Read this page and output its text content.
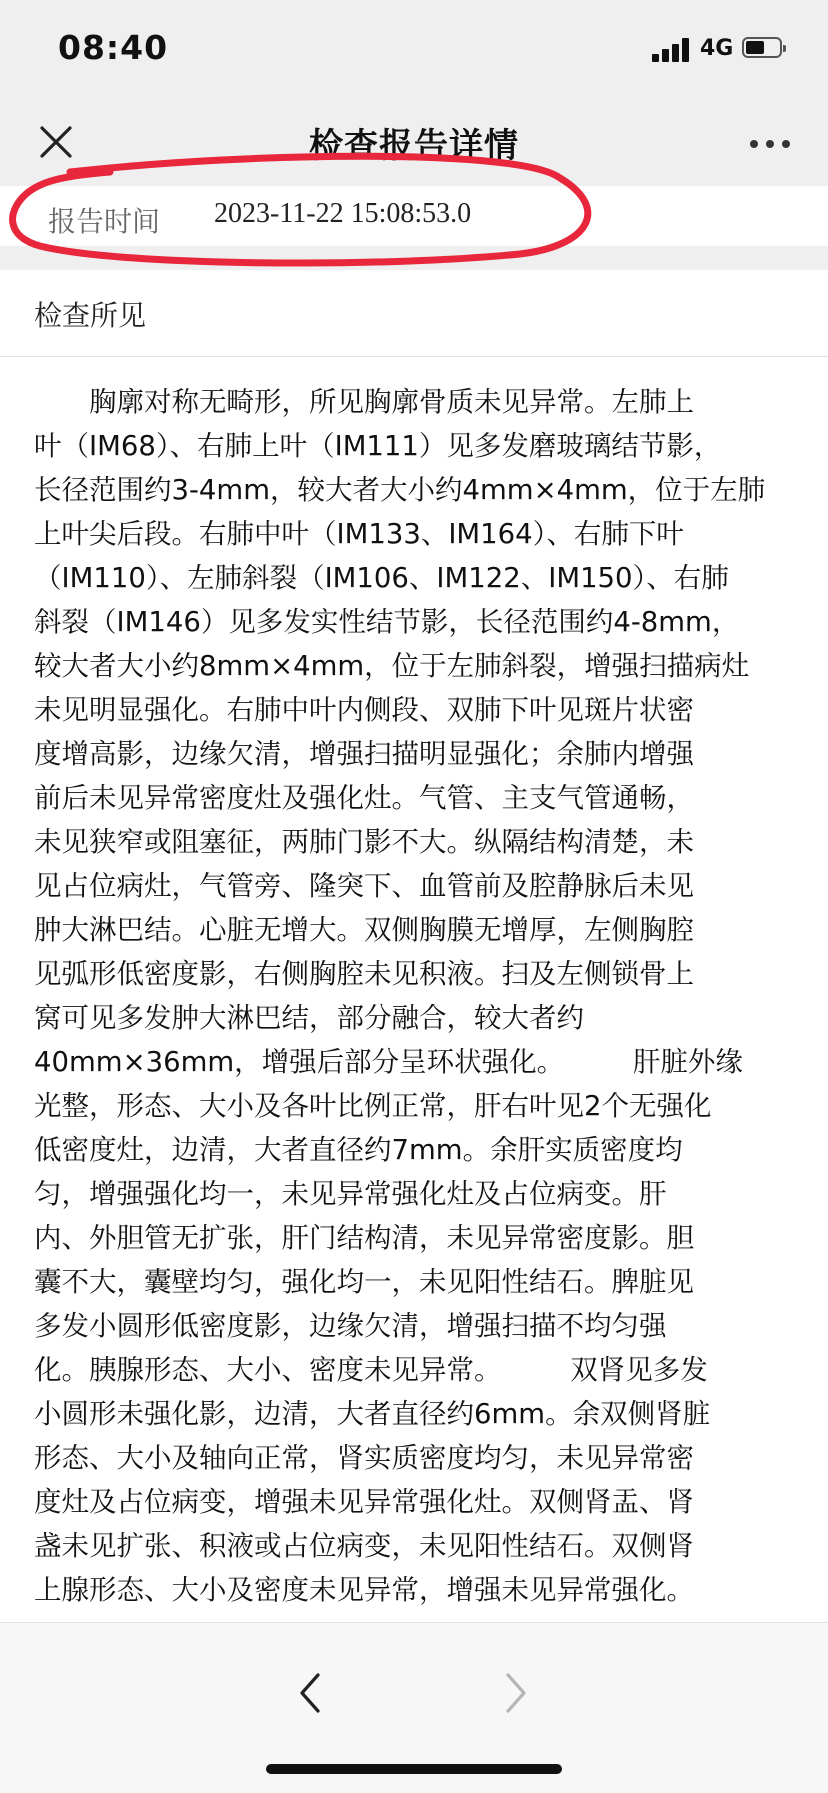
08:40	4G
检查报告详情
报告时间 2023-11-22 15:08:53.0
检查所见
　　胸廓对称无畸形，所见胸廓骨质未见异常。左肺上
叶（IM68）、右肺上叶（IM111）见多发磨玻璃结节影，
长径范围约3-4mm，较大者大小约4mm×4mm，位于左肺
上叶尖后段。右肺中叶（IM133、IM164）、右肺下叶
（IM110）、左肺斜裂（IM106、IM122、IM150）、右肺
斜裂（IM146）见多发实性结节影，长径范围约4-8mm，
较大者大小约8mm×4mm，位于左肺斜裂，增强扫描病灶
未见明显强化。右肺中叶内侧段、双肺下叶见斑片状密
度增高影，边缘欠清，增强扫描明显强化；余肺内增强
前后未见异常密度灶及强化灶。气管、主支气管通畅，
未见狭窄或阻塞征，两肺门影不大。纵隔结构清楚，未
见占位病灶，气管旁、隆突下、血管前及腔静脉后未见
肿大淋巴结。心脏无增大。双侧胸膜无增厚，左侧胸腔
见弧形低密度影，右侧胸腔未见积液。扫及左侧锁骨上
窝可见多发肿大淋巴结，部分融合，较大者约
40mm×36mm，增强后部分呈环状强化。　　　肝脏外缘
光整，形态、大小及各叶比例正常，肝右叶见2个无强化
低密度灶，边清，大者直径约7mm。余肝实质密度均
匀，增强强化均一，未见异常强化灶及占位病变。肝
内、外胆管无扩张，肝门结构清，未见异常密度影。胆
囊不大，囊壁均匀，强化均一，未见阳性结石。脾脏见
多发小圆形低密度影，边缘欠清，增强扫描不均匀强
化。胰腺形态、大小、密度未见异常。　　　双肾见多发
小圆形未强化影，边清，大者直径约6mm。余双侧肾脏
形态、大小及轴向正常，肾实质密度均匀，未见异常密
度灶及占位病变，增强未见异常强化灶。双侧肾盂、肾
盏未见扩张、积液或占位病变，未见阳性结石。双侧肾
上腺形态、大小及密度未见异常，增强未见异常强化。
